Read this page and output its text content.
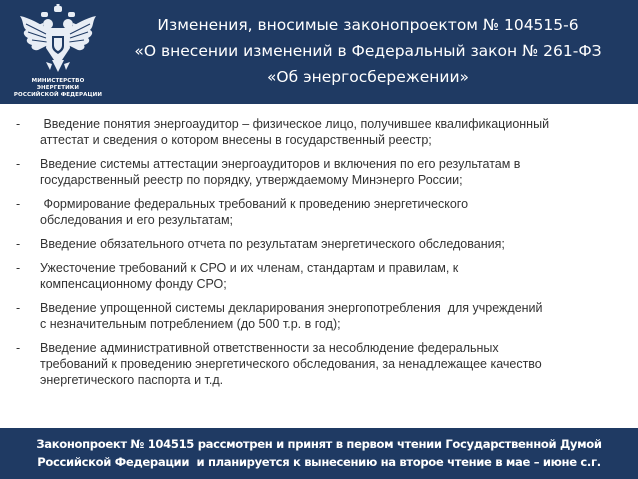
МИНИСТЕРСТВО ЭНЕРГЕТИКИ
РОССИЙСКОЙ ФЕДЕРАЦИИ
Изменения, вносимые законопроектом № 104515-6
«О внесении изменений в Федеральный закон № 261-ФЗ
«Об энергосбережении»
- Введение понятия энергоаудитор – физическое лицо, получившее квалификационный
аттестат и сведения о котором внесены в государственный реестр;
- Введение системы аттестации энергоаудиторов и включения по его результатам в
государственный реестр по порядку, утверждаемому Минэнерго России;
- Формирование федеральных требований к проведению энергетического
обследования и его результатам;
- Введение обязательного отчета по результатам энергетического обследования;
- Ужесточение требований к СРО и их членам, стандартам и правилам, к
компенсационному фонду СРО;
- Введение упрощенной системы декларирования энергопотребления  для учреждений
с незначительным потреблением (до 500 т.р. в год);
- Введение административной ответственности за несоблюдение федеральных
требований к проведению энергетического обследования, за ненадлежащее качество
энергетического паспорта и т.д.
Законопроект № 104515 рассмотрен и принят в первом чтении Государственной Думой
Российской Федерации  и планируется к вынесению на второе чтение в мае – июне с.г.
